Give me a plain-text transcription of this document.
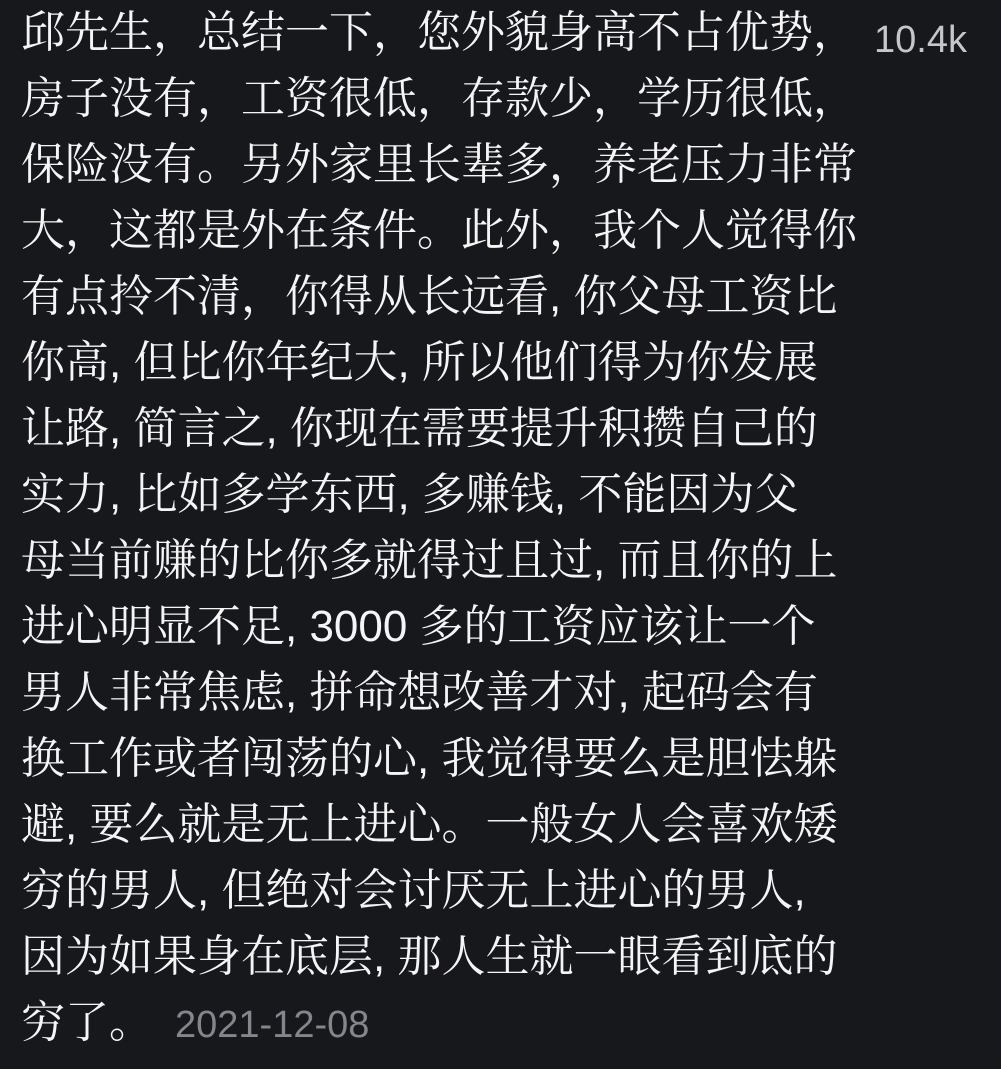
10.4k
邱先生，总结一下，您外貌身高不占优势，
房子没有，工资很低，存款少，学历很低，
保险没有。另外家里长辈多，养老压力非常
大，这都是外在条件。此外，我个人觉得你
有点拎不清，你得从长远看, 你父母工资比
你高, 但比你年纪大, 所以他们得为你发展
让路, 简言之, 你现在需要提升积攒自己的
实力, 比如多学东西, 多赚钱, 不能因为父
母当前赚的比你多就得过且过, 而且你的上
进心明显不足, 3000 多的工资应该让一个
男人非常焦虑, 拼命想改善才对, 起码会有
换工作或者闯荡的心, 我觉得要么是胆怯躲
避, 要么就是无上进心。一般女人会喜欢矮
穷的男人, 但绝对会讨厌无上进心的男人,
因为如果身在底层, 那人生就一眼看到底的
穷了。 2021-12-08
